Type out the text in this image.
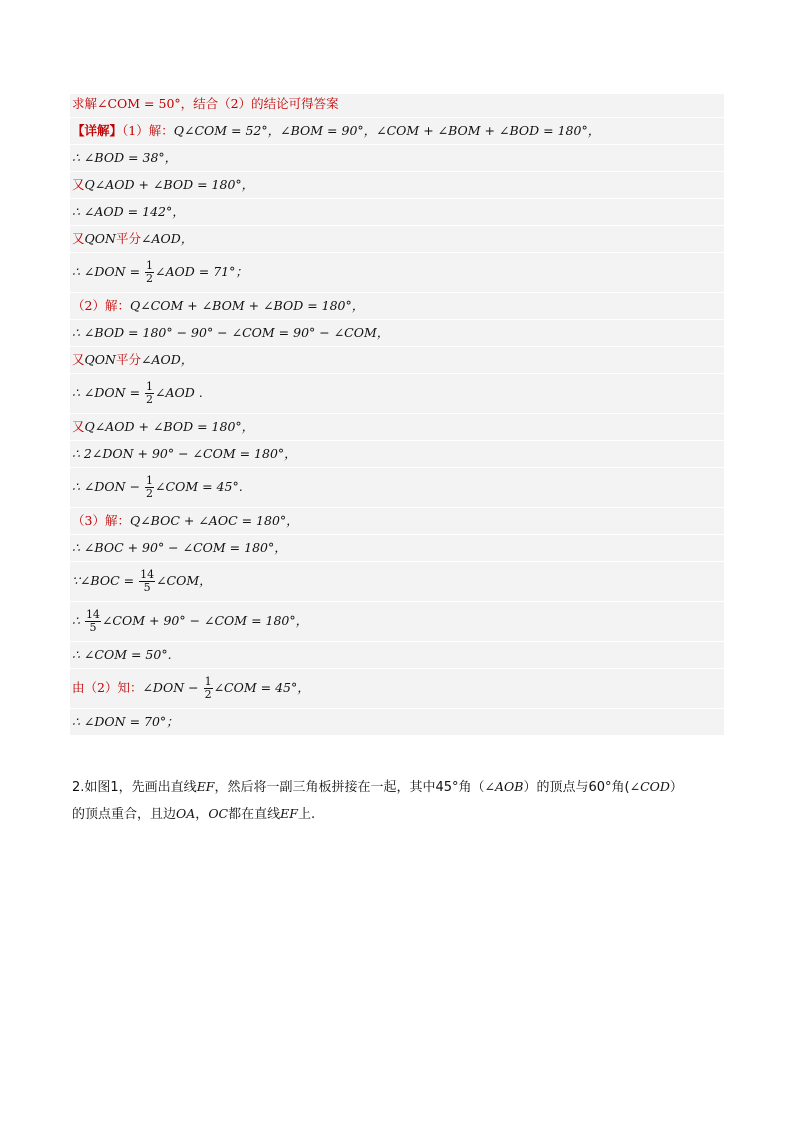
求解∠COM = 50°，结合（2）的结论可得答案
【详解】（1）解：Q∠COM = 52°，∠BOM = 90°，∠COM + ∠BOM + ∠BOD = 180°，
∴ ∠BOD = 38°，
又Q∠AOD + ∠BOD = 180°，
∴ ∠AOD = 142°，
又QON平分∠AOD，
∴ ∠DON = $\frac{1}{2}$ ∠AOD = 71°；
（2）解：Q∠COM + ∠BOM + ∠BOD = 180°，
∴ ∠BOD = 180° − 90° − ∠COM = 90° − ∠COM，
又QON平分∠AOD，
∴ ∠DON = $\frac{1}{2}$ ∠AOD .
又Q∠AOD + ∠BOD = 180°，
∴ 2∠DON + 90° − ∠COM = 180°，
∴ ∠DON − $\frac{1}{2}$ ∠COM = 45°.
（3）解：Q∠BOC + ∠AOC = 180°，
∴ ∠BOC + 90° − ∠COM = 180°，
∵∠BOC = $\frac{14}{5}$ ∠COM，
∴ $\frac{14}{5}$ ∠COM + 90° − ∠COM = 180°，
∴ ∠COM = 50°.
由（2）知：∠DON − $\frac{1}{2}$ ∠COM = 45°，
∴ ∠DON = 70°；
2.如图1，先画出直线EF，然后将一副三角板拼接在一起，其中45°角（∠AOB）的顶点与60°角(∠COD）
的顶点重合，且边OA，OC都在直线EF上.
